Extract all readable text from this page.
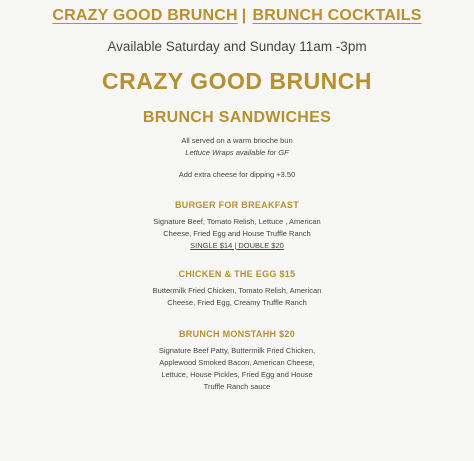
CRAZY GOOD BRUNCH | BRUNCH COCKTAILS
Available Saturday and Sunday 11am -3pm
CRAZY GOOD BRUNCH
BRUNCH SANDWICHES
All served on a warm brioche bun
Lettuce Wraps available for GF
Add extra cheese for dipping +3.50
BURGER FOR BREAKFAST
Signature Beef, Tomato Relish, Lettuce , American
Cheese, Fried Egg and House Truffle Ranch
SINGLE $14 | DOUBLE $20
CHICKEN & THE EGG $15
Buttermilk Fried Chicken, Tomato Relish, American
Cheese, Fried Egg, Creamy Truffle Ranch
BRUNCH MONSTAHH $20
Signature Beef Patty, Buttermilk Fried Chicken,
Applewood Smoked Bacon, American Cheese,
Lettuce, House Pickles, Fried Egg and House
Truffle Ranch sauce
